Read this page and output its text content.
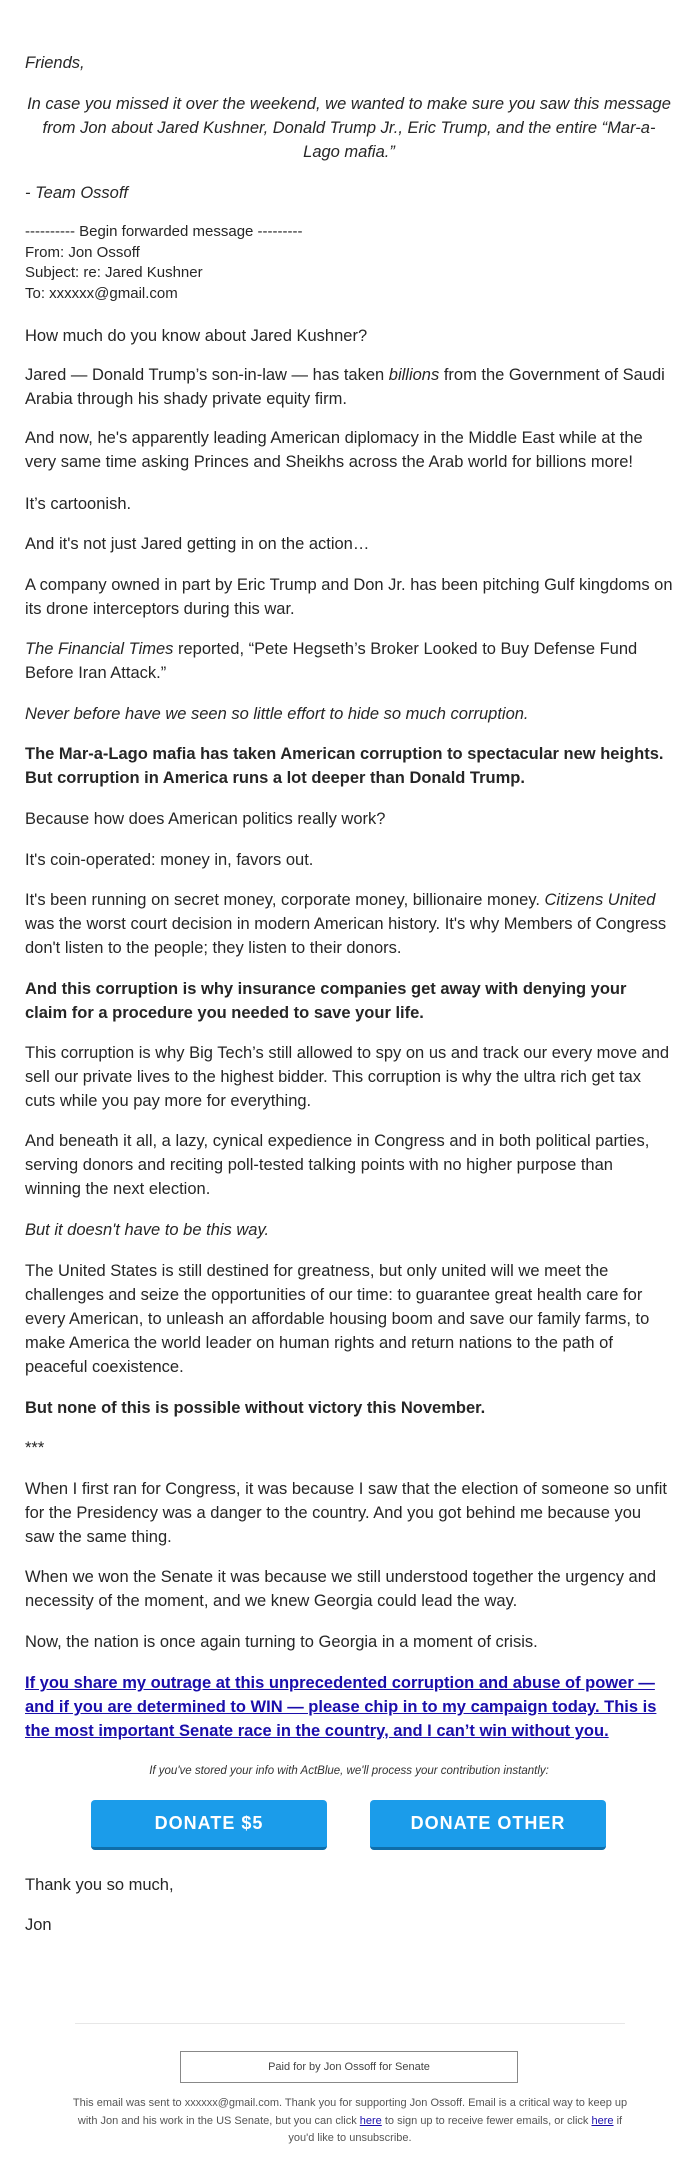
Friends,

In case you missed it over the weekend, we wanted to make sure you saw this message from Jon about Jared Kushner, Donald Trump Jr., Eric Trump, and the entire “Mar-a-Lago mafia.”

- Team Ossoff

---------- Begin forwarded message ---------
From: Jon Ossoff
Subject: re: Jared Kushner
To: xxxxxx@gmail.com

How much do you know about Jared Kushner?

Jared — Donald Trump’s son-in-law — has taken billions from the Government of Saudi Arabia through his shady private equity firm.

And now, he's apparently leading American diplomacy in the Middle East while at the very same time asking Princes and Sheikhs across the Arab world for billions more!

It’s cartoonish.

And it's not just Jared getting in on the action…

A company owned in part by Eric Trump and Don Jr. has been pitching Gulf kingdoms on its drone interceptors during this war.

The Financial Times reported, “Pete Hegseth’s Broker Looked to Buy Defense Fund Before Iran Attack.”

Never before have we seen so little effort to hide so much corruption.

The Mar-a-Lago mafia has taken American corruption to spectacular new heights. But corruption in America runs a lot deeper than Donald Trump.

Because how does American politics really work?

It's coin-operated: money in, favors out.

It's been running on secret money, corporate money, billionaire money. Citizens United was the worst court decision in modern American history. It's why Members of Congress don't listen to the people; they listen to their donors.

And this corruption is why insurance companies get away with denying your claim for a procedure you needed to save your life.

This corruption is why Big Tech’s still allowed to spy on us and track our every move and sell our private lives to the highest bidder. This corruption is why the ultra rich get tax cuts while you pay more for everything.

And beneath it all, a lazy, cynical expedience in Congress and in both political parties, serving donors and reciting poll-tested talking points with no higher purpose than winning the next election.

But it doesn't have to be this way.

The United States is still destined for greatness, but only united will we meet the challenges and seize the opportunities of our time: to guarantee great health care for every American, to unleash an affordable housing boom and save our family farms, to make America the world leader on human rights and return nations to the path of peaceful coexistence.

But none of this is possible without victory this November.

***

When I first ran for Congress, it was because I saw that the election of someone so unfit for the Presidency was a danger to the country. And you got behind me because you saw the same thing.

When we won the Senate it was because we still understood together the urgency and necessity of the moment, and we knew Georgia could lead the way.

Now, the nation is once again turning to Georgia in a moment of crisis.

If you share my outrage at this unprecedented corruption and abuse of power — and if you are determined to WIN — please chip in to my campaign today. This is the most important Senate race in the country, and I can’t win without you.

If you've stored your info with ActBlue, we'll process your contribution instantly:

DONATE $5	DONATE OTHER

Thank you so much,

Jon

Paid for by Jon Ossoff for Senate
This email was sent to xxxxxx@gmail.com. Thank you for supporting Jon Ossoff. Email is a critical way to keep up with Jon and his work in the US Senate, but you can click here to sign up to receive fewer emails, or click here if you'd like to unsubscribe.
